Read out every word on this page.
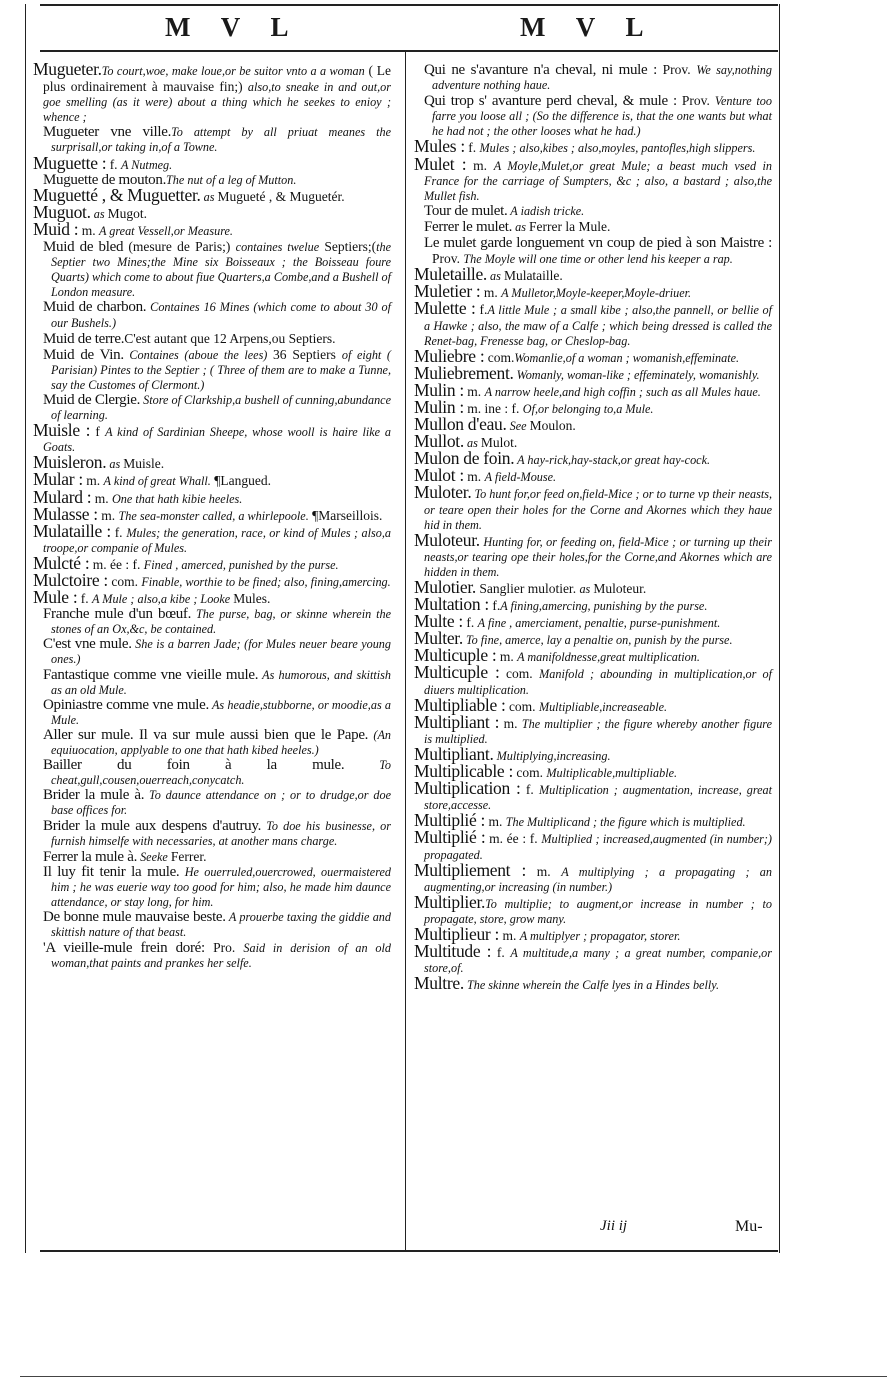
M V L	M V L

Mugueter.To court,woe, make loue,or be suitor vnto a a woman ( Le plus ordinairement à mauvaise fin;) also,to sneake in and out,or goe smelling (as it were) about a thing which he seekes to enioy ; whence ;

Mugueter vne ville.To attempt by all priuat meanes the surprisall,or taking in,of a Towne.

Muguette : f. A Nutmeg.

Muguette de mouton.The nut of a leg of Mutton.

Muguetté , & Muguetter. as Mugueté , & Muguetér.

Muguot. as Mugot.

Muid : m. A great Vessell,or Measure.

Muid de bled (mesure de Paris;) containes twelue Septiers;(the Septier two Mines;the Mine six Boisseaux ; the Boisseau foure Quarts) which come to about fiue Quarters,a Combe,and a Bushell of London measure.

Muid de charbon. Containes 16 Mines (which come to about 30 of our Bushels.)

Muid de terre.C'est autant que 12 Arpens,ou Septiers.

Muid de Vin. Containes (aboue the lees) 36 Septiers of eight ( Parisian) Pintes to the Septier ; ( Three of them are to make a Tunne, say the Customes of Clermont.)

Muid de Clergie. Store of Clarkship,a bushell of cunning,abundance of learning.

Muisle : f A kind of Sardinian Sheepe, whose wooll is haire like a Goats.

Muisleron. as Muisle.

Mular : m. A kind of great Whall. ¶Langued.

Mulard : m. One that hath kibie heeles.

Mulasse : m. The sea-monster called, a whirlepoole. ¶Marseillois.

Mulataille : f. Mules; the generation, race, or kind of Mules ; also,a troope,or companie of Mules.

Mulcté : m. ée : f. Fined , amerced, punished by the purse.

Mulctoire : com. Finable, worthie to be fined; also, fining,amercing.

Mule : f. A Mule ; also,a kibe ; Looke Mules.

Franche mule d'un bœuf. The purse, bag, or skinne wherein the stones of an Ox,&c, be contained.

C'est vne mule. She is a barren Jade; (for Mules neuer beare young ones.)

Fantastique comme vne vieille mule. As humorous, and skittish as an old Mule.

Opiniastre comme vne mule. As headie,stubborne, or moodie,as a Mule.

Aller sur mule. Il va sur mule aussi bien que le Pape. (An equiuocation, applyable to one that hath kibed heeles.)

Bailler du foin à la mule. To cheat,gull,cousen,ouerreach,conycatch.

Brider la mule à. To daunce attendance on ; or to drudge,or doe base offices for.

Brider la mule aux despens d'autruy. To doe his businesse, or furnish himselfe with necessaries, at another mans charge.

Ferrer la mule à. Seeke Ferrer.

Il luy fit tenir la mule. He ouerruled,ouercrowed, ouermaistered him ; he was euerie way too good for him; also, he made him daunce attendance, or stay long, for him.

De bonne mule mauvaise beste. A prouerbe taxing the giddie and skittish nature of that beast.

'A vieille-mule frein doré: Pro. Said in derision of an old woman,that paints and prankes her selfe.

Qui ne s'avanture n'a cheval, ni mule : Prov. We say,nothing adventure nothing haue.

Qui trop s' avanture perd cheval, & mule : Prov. Venture too farre you loose all ; (So the difference is, that the one wants but what he had not ; the other looses what he had.)

Mules : f. Mules ; also,kibes ; also,moyles, pantofles,high slippers.

Mulet : m. A Moyle,Mulet,or great Mule; a beast much vsed in France for the carriage of Sumpters, &c ; also, a bastard ; also,the Mullet fish.

Tour de mulet. A iadish tricke.

Ferrer le mulet. as Ferrer la Mule.

Le mulet garde longuement vn coup de pied à son Maistre : Prov. The Moyle will one time or other lend his keeper a rap.

Muletaille. as Mulataille.

Muletier : m. A Mulletor,Moyle-keeper,Moyle-driuer.

Mulette : f.A little Mule ; a small kibe ; also,the pannell, or bellie of a Hawke ; also, the maw of a Calfe ; which being dressed is called the Renet-bag, Frenesse bag, or Cheslop-bag.

Muliebre : com.Womanlie,of a woman ; womanish,effeminate.

Muliebrement. Womanly, woman-like ; effeminately, womanishly.

Mulin : m. A narrow heele,and high coffin ; such as all Mules haue.

Mulin : m. ine : f. Of,or belonging to,a Mule.

Mullon d'eau. See Moulon.

Mullot. as Mulot.

Mulon de foin. A hay-rick,hay-stack,or great hay-cock.

Mulot : m. A field-Mouse.

Muloter. To hunt for,or feed on,field-Mice ; or to turne vp their neasts, or teare open their holes for the Corne and Akornes which they haue hid in them.

Muloteur. Hunting for, or feeding on, field-Mice ; or turning up their neasts,or tearing ope their holes,for the Corne,and Akornes which are hidden in them.

Mulotier. Sanglier mulotier. as Muloteur.

Multation : f.A fining,amercing, punishing by the purse.

Multe : f. A fine , amerciament, penaltie, purse-punishment.

Multer. To fine, amerce, lay a penaltie on, punish by the purse.

Multicuple : m. A manifoldnesse,great multiplication.

Multicuple : com. Manifold ; abounding in multiplication,or of diuers multiplication.

Multipliable : com. Multipliable,increaseable.

Multipliant : m. The multiplier ; the figure whereby another figure is multiplied.

Multipliant. Multiplying,increasing.

Multiplicable : com. Multiplicable,multipliable.

Multiplication : f. Multiplication ; augmentation, increase, great store,accesse.

Multiplié : m. The Multiplicand ; the figure which is multiplied.

Multiplié : m. ée : f. Multiplied ; increased,augmented (in number;) propagated.

Multipliement : m. A multiplying ; a propagating ; an augmenting,or increasing (in number.)

Multiplier.To multiplie; to augment,or increase in number ; to propagate, store, grow many.

Multiplieur : m. A multiplyer ; propagator, storer.

Multitude : f. A multitude,a many ; a great number, companie,or store,of.

Multre. The skinne wherein the Calfe lyes in a Hindes belly.

Jii ij	Mu-
